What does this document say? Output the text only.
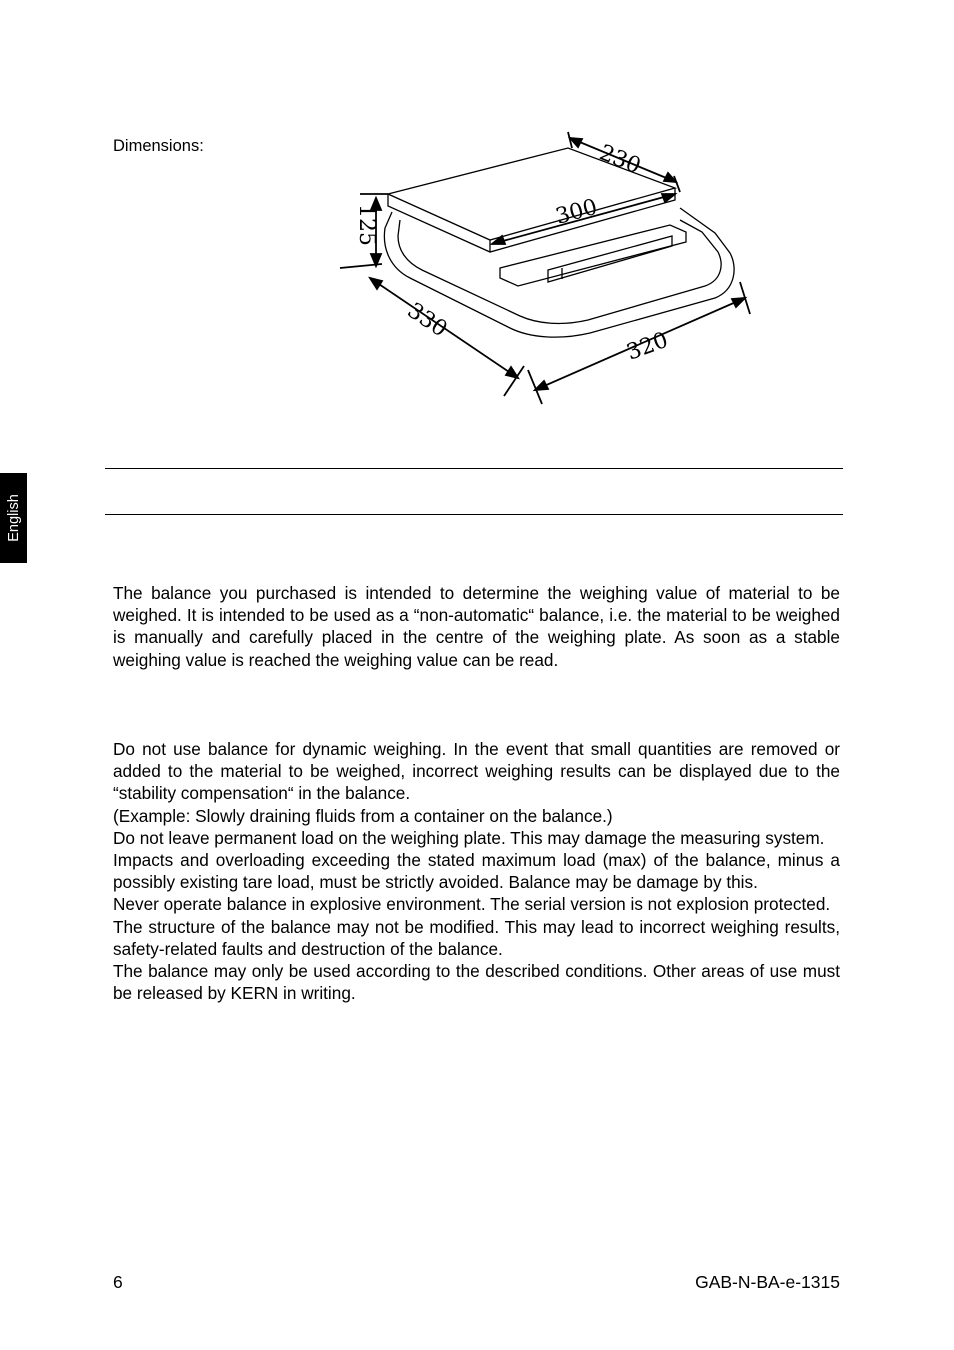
Dimensions:	230
300
125
330
320
English

The balance you purchased is intended to determine the weighing value of material to be weighed. It is intended to be used as a “non-automatic“ balance, i.e. the material to be weighed is manually and carefully placed in the centre of the weighing plate. As soon as a stable weighing value is reached the weighing value can be read.

Do not use balance for dynamic weighing. In the event that small quantities are removed or added to the material to be weighed, incorrect weighing results can be displayed due to the “stability compensation“ in the balance.

(Example: Slowly draining fluids from a container on the balance.)

Do not leave permanent load on the weighing plate. This may damage the measuring system.

Impacts and overloading exceeding the stated maximum load (max) of the balance, minus a possibly existing tare load, must be strictly avoided. Balance may be damage by this.

Never operate balance in explosive environment. The serial version is not explosion protected.

The structure of the balance may not be modified. This may lead to incorrect weighing results, safety-related faults and destruction of the balance.

The balance may only be used according to the described conditions. Other areas of use must be released by KERN in writing.

6	GAB-N-BA-e-1315
